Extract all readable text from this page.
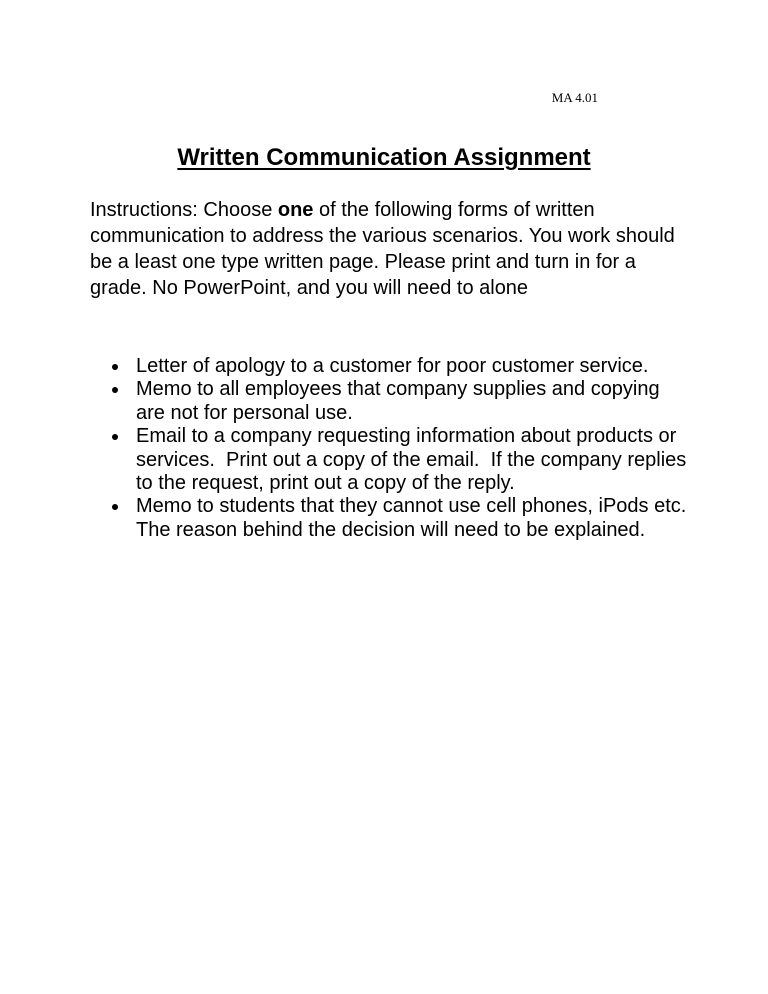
MA 4.01
Written Communication Assignment

Instructions: Choose one of the following forms of written communication to address the various scenarios. You work should be a least one type written page. Please print and turn in for a grade. No PowerPoint, and you will need to alone

Letter of apology to a customer for poor customer service.
Memo to all employees that company supplies and copying are not for personal use.
Email to a company requesting information about products or services.  Print out a copy of the email.  If the company replies to the request, print out a copy of the reply.
Memo to students that they cannot use cell phones, iPods etc. The reason behind the decision will need to be explained.
